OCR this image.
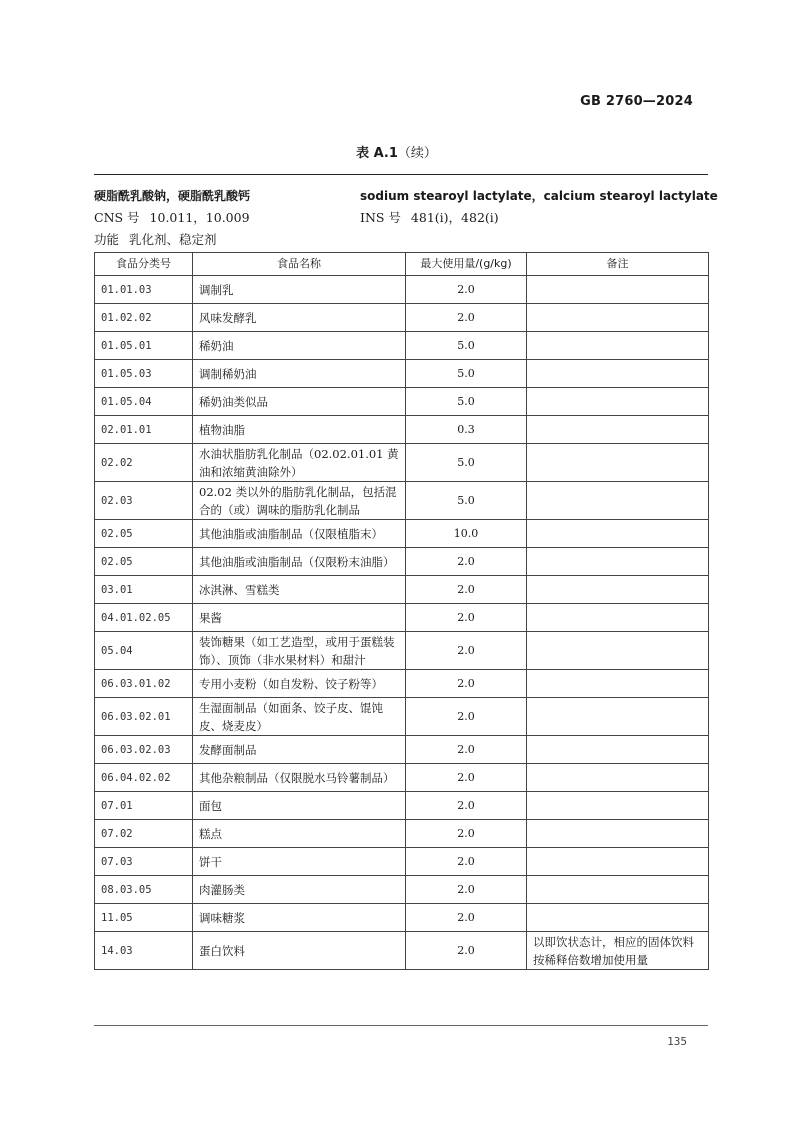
GB 2760—2024
表 A.1（续）
硬脂酰乳酸钠，硬脂酰乳酸钙	sodium stearoyl lactylate，calcium stearoyl lactylate
CNS 号 10.011，10.009	INS 号 481(i)，482(i)
功能 乳化剂、稳定剂
食品分类号	食品名称	最大使用量/(g/kg)	备注
01.01.03	调制乳	2.0	
01.02.02	风味发酵乳	2.0	
01.05.01	稀奶油	5.0	
01.05.03	调制稀奶油	5.0	
01.05.04	稀奶油类似品	5.0	
02.01.01	植物油脂	0.3	
02.02	水油状脂肪乳化制品（02.02.01.01 黄油和浓缩黄油除外）	5.0	
02.03	02.02 类以外的脂肪乳化制品，包括混合的（或）调味的脂肪乳化制品	5.0	
02.05	其他油脂或油脂制品（仅限植脂末）	10.0	
02.05	其他油脂或油脂制品（仅限粉末油脂）	2.0	
03.01	冰淇淋、雪糕类	2.0	
04.01.02.05	果酱	2.0	
05.04	装饰糖果（如工艺造型，或用于蛋糕装饰）、顶饰（非水果材料）和甜汁	2.0	
06.03.01.02	专用小麦粉（如自发粉、饺子粉等）	2.0	
06.03.02.01	生湿面制品（如面条、饺子皮、馄饨皮、烧麦皮）	2.0	
06.03.02.03	发酵面制品	2.0	
06.04.02.02	其他杂粮制品（仅限脱水马铃薯制品）	2.0	
07.01	面包	2.0	
07.02	糕点	2.0	
07.03	饼干	2.0	
08.03.05	肉灌肠类	2.0	
11.05	调味糖浆	2.0	
14.03	蛋白饮料	2.0	以即饮状态计，相应的固体饮料按稀释倍数增加使用量
135
